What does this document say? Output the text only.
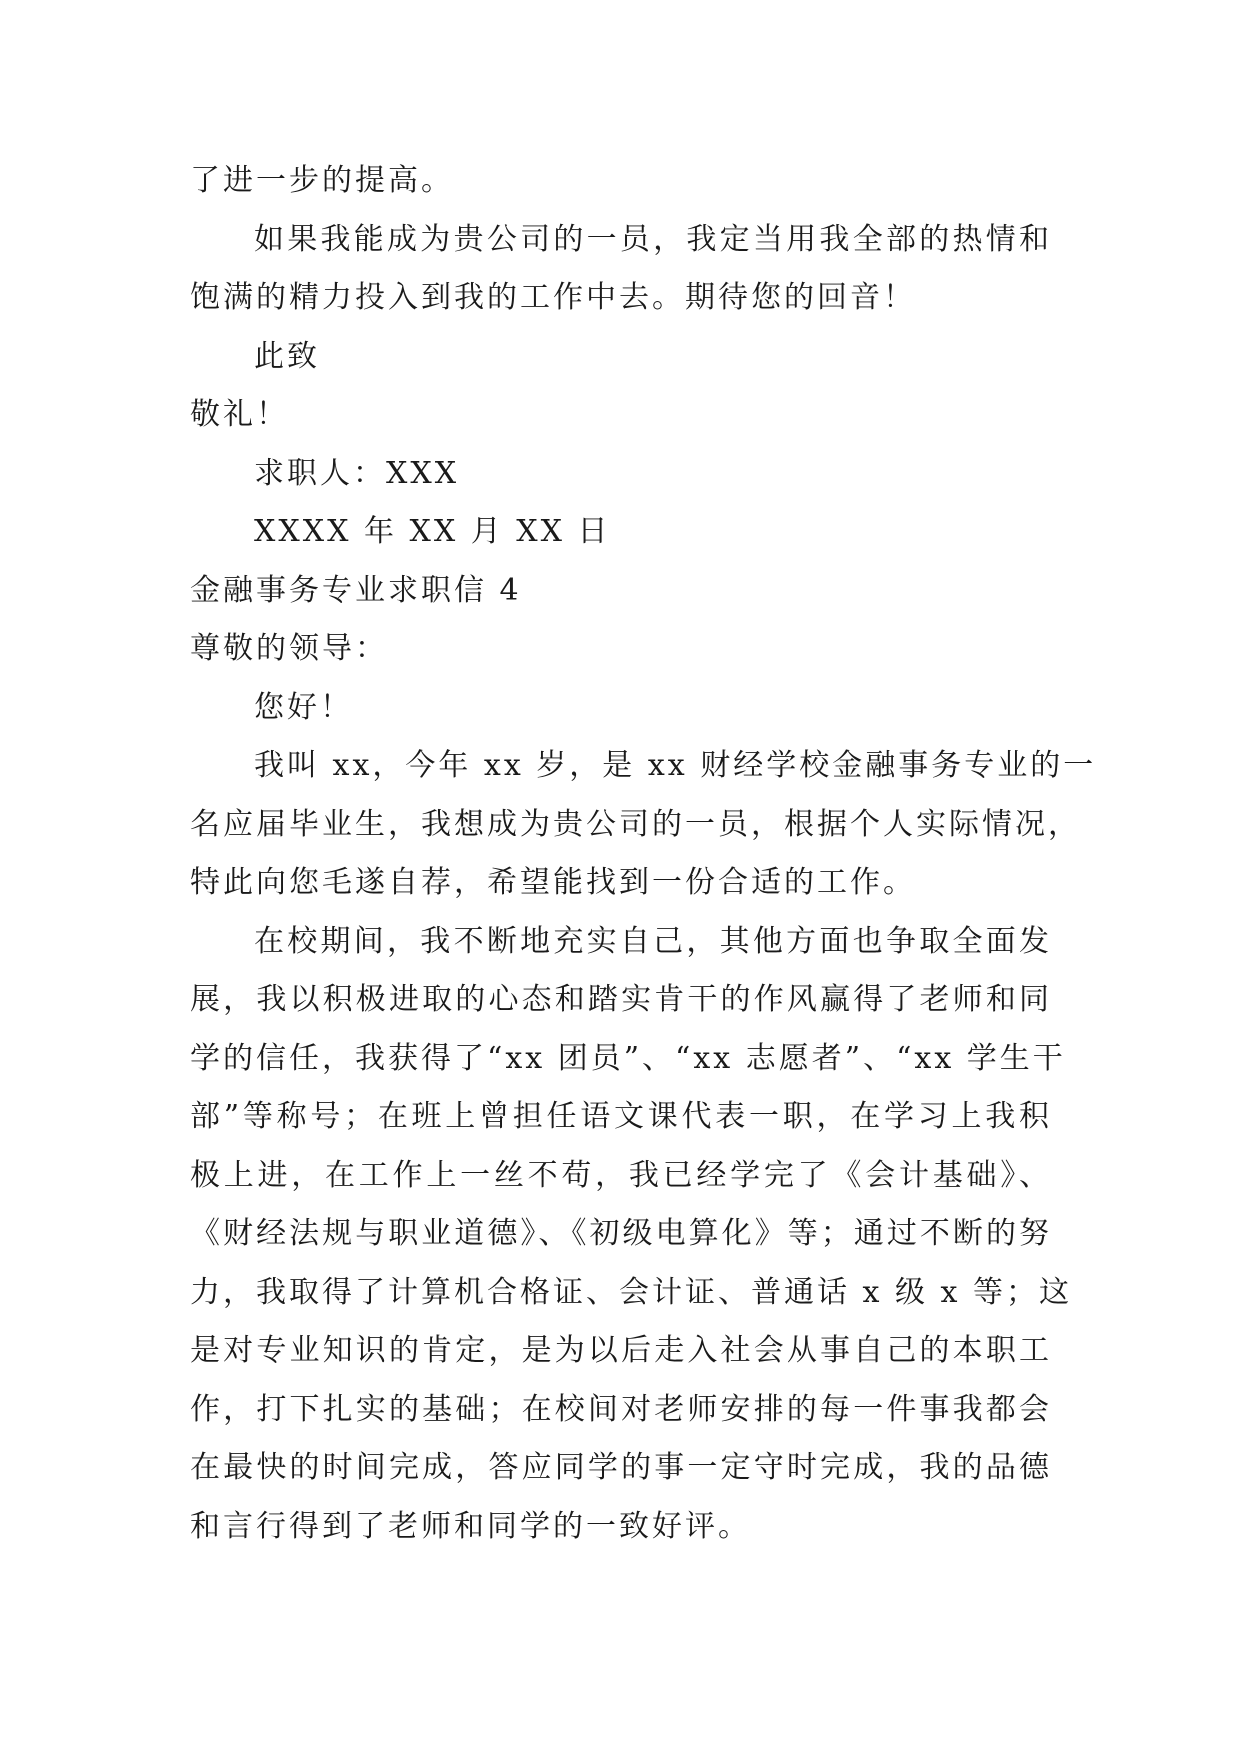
了进一步的提高。
如果我能成为贵公司的一员，我定当用我全部的热情和
饱满的精力投入到我的工作中去。期待您的回音！
此致
敬礼！
求职人：XXX
XXXX 年 XX 月 XX 日
金融事务专业求职信 4
尊敬的领导：
您好！
我叫 xx，今年 xx 岁，是 xx 财经学校金融事务专业的一
名应届毕业生，我想成为贵公司的一员，根据个人实际情况，
特此向您毛遂自荐，希望能找到一份合适的工作。
在校期间，我不断地充实自己，其他方面也争取全面发
展，我以积极进取的心态和踏实肯干的作风赢得了老师和同
学的信任，我获得了“xx 团员”、“xx 志愿者”、“xx 学生干
部”等称号；在班上曾担任语文课代表一职，在学习上我积
极上进，在工作上一丝不苟，我已经学完了《会计基础》、
《财经法规与职业道德》、《初级电算化》等；通过不断的努
力，我取得了计算机合格证、会计证、普通话 x 级 x 等；这
是对专业知识的肯定，是为以后走入社会从事自己的本职工
作，打下扎实的基础；在校间对老师安排的每一件事我都会
在最快的时间完成，答应同学的事一定守时完成，我的品德
和言行得到了老师和同学的一致好评。
